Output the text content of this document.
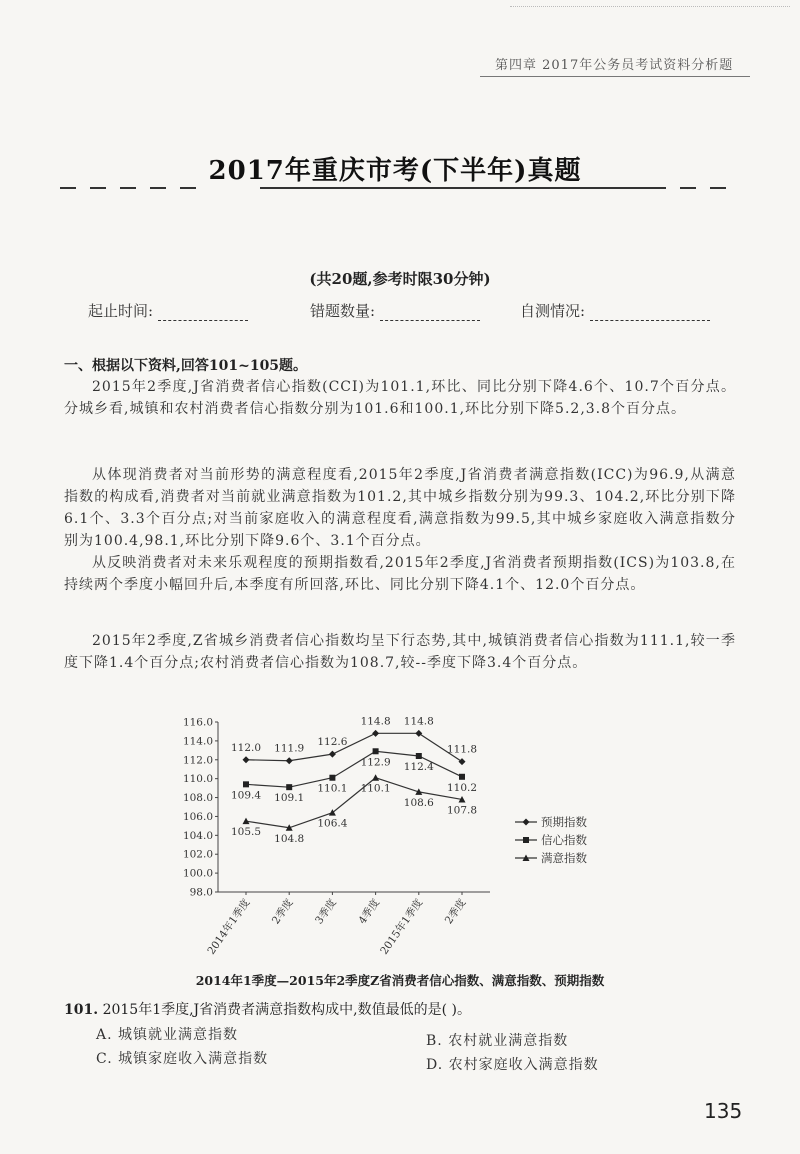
第四章 2017年公务员考试资料分析题
2017年重庆市考(下半年)真题
(共20题,参考时限30分钟)
起止时间:	错题数量:	自测情况:
一、根据以下资料,回答101~105题。

2015年2季度,J省消费者信心指数(CCI)为101.1,环比、同比分别下降4.6个、10.7个百分点。分城乡看,城镇和农村消费者信心指数分别为101.6和100.1,环比分别下降5.2,3.8个百分点。

从体现消费者对当前形势的满意程度看,2015年2季度,J省消费者满意指数(ICC)为96.9,从满意指数的构成看,消费者对当前就业满意指数为101.2,其中城乡指数分别为99.3、104.2,环比分别下降6.1个、3.3个百分点;对当前家庭收入的满意程度看,满意指数为99.5,其中城乡家庭收入满意指数分别为100.4,98.1,环比分别下降9.6个、3.1个百分点。

从反映消费者对未来乐观程度的预期指数看,2015年2季度,J省消费者预期指数(ICS)为103.8,在持续两个季度小幅回升后,本季度有所回落,环比、同比分别下降4.1个、12.0个百分点。

2015年2季度,Z省城乡消费者信心指数均呈下行态势,其中,城镇消费者信心指数为111.1,较一季度下降1.4个百分点;农村消费者信心指数为108.7,较--季度下降3.4个百分点。

116.0
114.0
112.0
110.0
108.0
106.0
104.0
102.0
100.0
98.0
2014年1季度 2季度 3季度 4季度
2015年1季度 2季度
112.0 111.9
112.6
114.8 114.8
111.8
109.4 109.1
110.1
112.9 112.4
110.2
105.5
104.8
106.4
110.1
108.6
107.8
预期指数
信心指数
满意指数
2014年1季度—2015年2季度Z省消费者信心指数、满意指数、预期指数
101. 2015年1季度,J省消费者满意指数构成中,数值最低的是( )。
A. 城镇就业满意指数	B. 农村就业满意指数
C. 城镇家庭收入满意指数	D. 农村家庭收入满意指数
135
